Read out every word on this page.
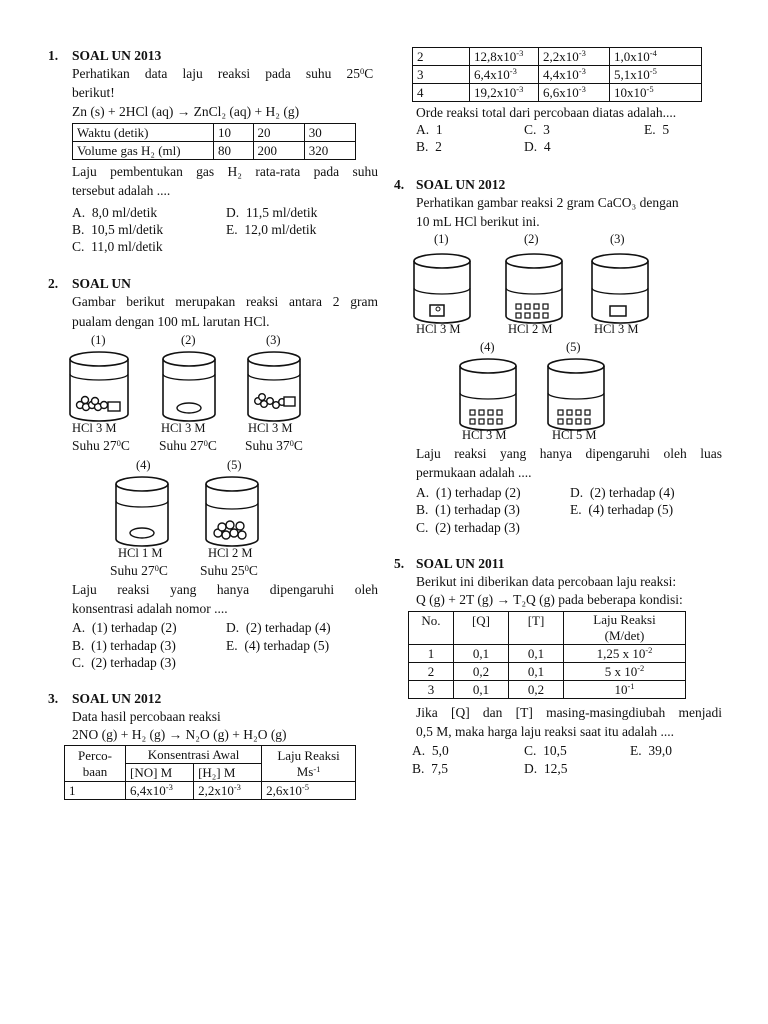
1. SOAL UN 2013
Perhatikan data laju reaksi pada suhu $25^0C$
berikut!
Zn (s) + 2HCl (aq) → ZnCl₂ (aq) + H₂ (g)
Waktu (detik)	10	20	30
Volume gas H₂ (ml)	80	200	320
Laju pembentukan gas H₂ rata-rata pada suhu
tersebut adalah ....
A. 8,0 ml/detik	D. 11,5 ml/detik
B. 10,5 ml/detik	E. 12,0 ml/detik
C. 11,0 ml/detik
2. SOAL UN
Gambar berikut merupakan reaksi antara 2 gram
pualam dengan 100 mL larutan HCl.
(1)	(2)	(3)
HCl 3 M	HCl 3 M	HCl 3 M
Suhu $27^0C$ Suhu $27^0C$ Suhu $37^0C$
(4)	(5)
HCl 1 M	HCl 2 M
Suhu $27^0C$ Suhu $25^0C$
Laju reaksi yang hanya dipengaruhi oleh
konsentrasi adalah nomor ....
A. (1) terhadap (2)	D. (2) terhadap (4)
B. (1) terhadap (3)	E. (4) terhadap (5)
C. (2) terhadap (3)
3. SOAL UN 2012
Data hasil percobaan reaksi
2NO (g) + H₂ (g) → N₂O (g) + H₂O (g)
Perco-
baan	Konsentrasi Awal		Laju Reaksi
$Ms^{-1}$
	[NO] M	[H₂] M	
1	$6,4x10^{-3}$	$2,2x10^{-3}$	$2,6x10^{-5}$
2	$12,8x10^{-3}$	$2,2x10^{-3}$	$1,0x10^{-4}$
3	$6,4x10^{-3}$	$4,4x10^{-3}$	$5,1x10^{-5}$
4	$19,2x10^{-3}$	$6,6x10^{-3}$	$10x10^{-5}$
Orde reaksi total dari percobaan diatas adalah....
A. 1	C. 3	E. 5
B. 2	D. 4
4. SOAL UN 2012
Perhatikan gambar reaksi 2 gram CaCO₃ dengan
10 mL HCl berikut ini.
(1)	(2)	(3)
HCl 3 M	HCl 2 M	HCl 3 M
(4)	(5)
HCl 3 M	HCl 5 M
Laju reaksi yang hanya dipengaruhi oleh luas
permukaan adalah ....
A. (1) terhadap (2)	D. (2) terhadap (4)
B. (1) terhadap (3)	E. (4) terhadap (5)
C. (2) terhadap (3)
5. SOAL UN 2011
Berikut ini diberikan data percobaan laju reaksi:
Q (g) + 2T (g) → T₂Q (g) pada beberapa kondisi:
No.	[Q]	[T]	Laju Reaksi
(M/det)
1	0,1	0,1	1,25 x $10^{-2}$
2	0,2	0,1	5 x $10^{-2}$
3	0,1	0,2	$10^{-1}$
Jika [Q] dan [T] masing-masingdiubah menjadi
0,5 M, maka harga laju reaksi saat itu adalah ....
A. 5,0	C. 10,5	E. 39,0
B. 7,5	D. 12,5
